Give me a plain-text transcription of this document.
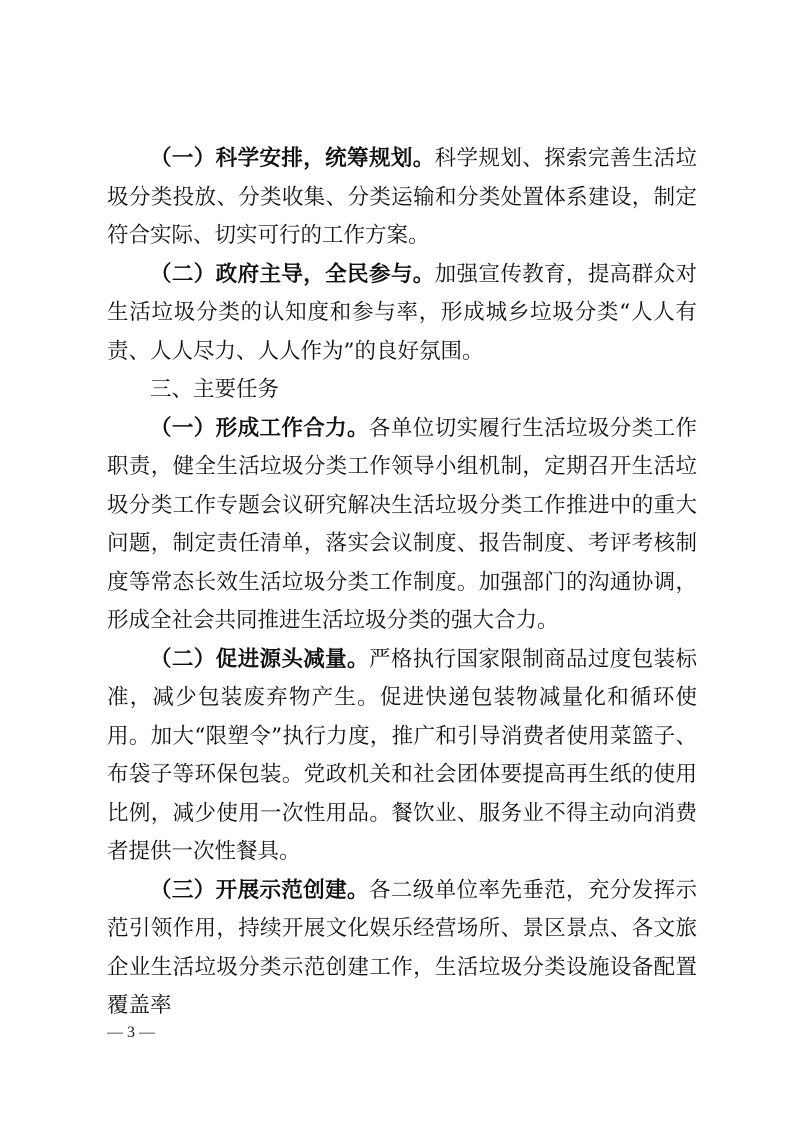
（一）科学安排，统筹规划。科学规划、探索完善生活垃圾分类投放、分类收集、分类运输和分类处置体系建设，制定符合实际、切实可行的工作方案。

（二）政府主导，全民参与。加强宣传教育，提高群众对生活垃圾分类的认知度和参与率，形成城乡垃圾分类“人人有责、人人尽力、人人作为”的良好氛围。

三、主要任务

（一）形成工作合力。各单位切实履行生活垃圾分类工作职责，健全生活垃圾分类工作领导小组机制，定期召开生活垃圾分类工作专题会议研究解决生活垃圾分类工作推进中的重大问题，制定责任清单，落实会议制度、报告制度、考评考核制度等常态长效生活垃圾分类工作制度。加强部门的沟通协调，形成全社会共同推进生活垃圾分类的强大合力。

（二）促进源头减量。严格执行国家限制商品过度包装标准，减少包装废弃物产生。促进快递包装物减量化和循环使用。加大“限塑令”执行力度，推广和引导消费者使用菜篮子、布袋子等环保包装。党政机关和社会团体要提高再生纸的使用比例，减少使用一次性用品。餐饮业、服务业不得主动向消费者提供一次性餐具。

（三）开展示范创建。各二级单位率先垂范，充分发挥示范引领作用，持续开展文化娱乐经营场所、景区景点、各文旅企业生活垃圾分类示范创建工作，生活垃圾分类设施设备配置覆盖率

— 3 —
